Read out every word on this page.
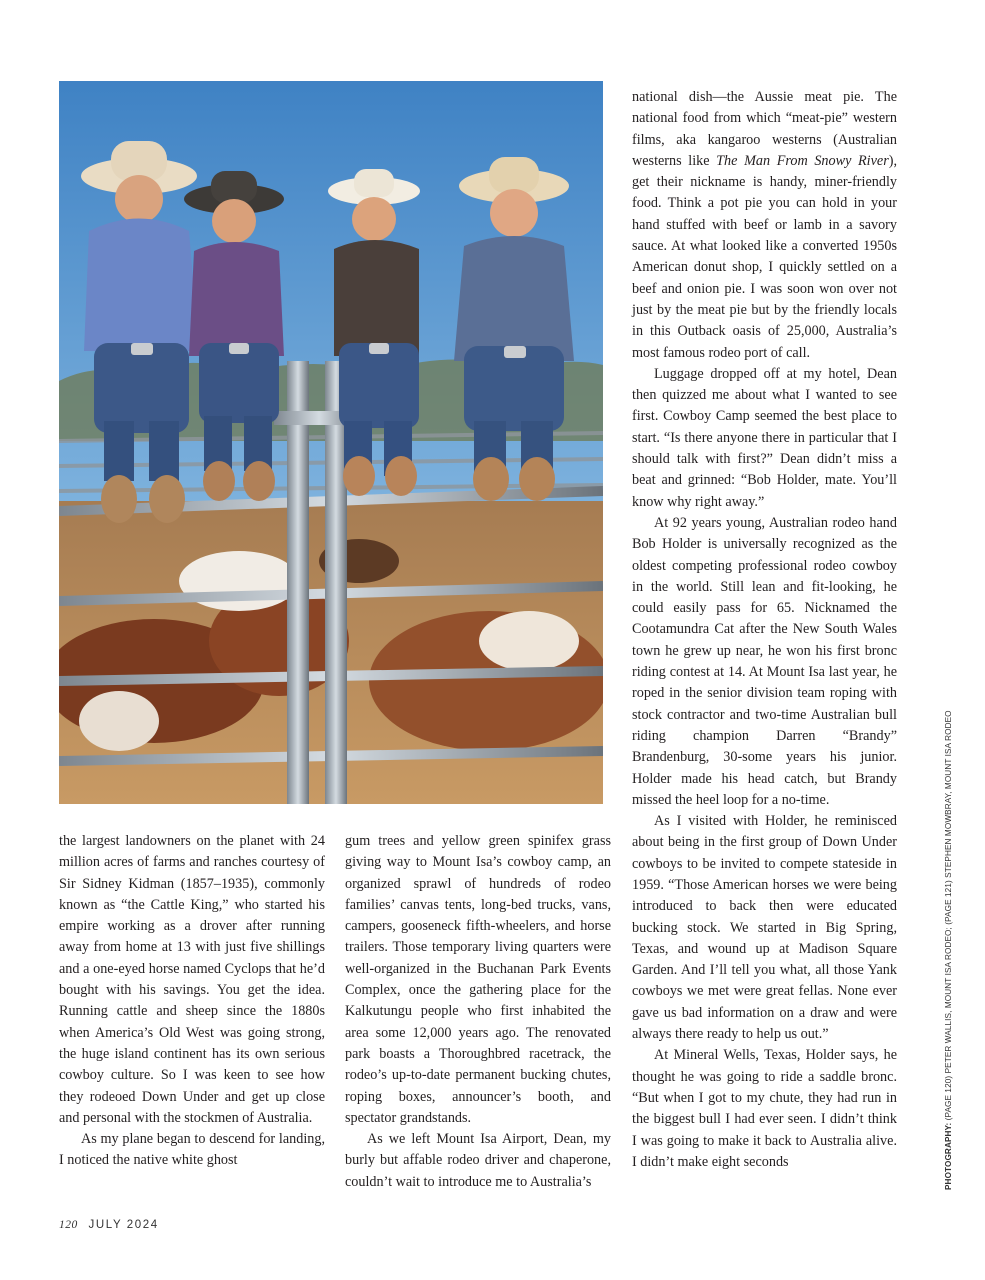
the largest landowners on the planet with 24 million acres of farms and ranches courtesy of Sir Sidney Kidman (1857–1935), commonly known as “the Cattle King,” who started his empire working as a drover after running away from home at 13 with just five shillings and a one-eyed horse named Cyclops that he’d bought with his savings. You get the idea. Running cattle and sheep since the 1880s when America’s Old West was going strong, the huge island continent has its own serious cowboy culture. So I was keen to see how they rodeoed Down Under and get up close and personal with the stockmen of Australia.

As my plane began to descend for landing, I noticed the native white ghost

gum trees and yellow green spinifex grass giving way to Mount Isa’s cowboy camp, an organized sprawl of hundreds of rodeo families’ canvas tents, long-bed trucks, vans, campers, gooseneck fifth-wheelers, and horse trailers. Those temporary living quarters were well-organized in the Buchanan Park Events Complex, once the gathering place for the Kalkutungu people who first inhabited the area some 12,000 years ago. The renovated park boasts a Thoroughbred racetrack, the rodeo’s up-to-date permanent bucking chutes, roping boxes, announcer’s booth, and spectator grandstands.

As we left Mount Isa Airport, Dean, my burly but affable rodeo driver and chaperone, couldn’t wait to introduce me to Australia’s

national dish—the Aussie meat pie. The national food from which “meat-pie” western films, aka kangaroo westerns (Australian westerns like The Man From Snowy River), get their nickname is handy, miner-friendly food. Think a pot pie you can hold in your hand stuffed with beef or lamb in a savory sauce. At what looked like a converted 1950s American donut shop, I quickly settled on a beef and onion pie. I was soon won over not just by the meat pie but by the friendly locals in this Outback oasis of 25,000, Australia’s most famous rodeo port of call.

Luggage dropped off at my hotel, Dean then quizzed me about what I wanted to see first. Cowboy Camp seemed the best place to start. “Is there anyone there in particular that I should talk with first?” Dean didn’t miss a beat and grinned: “Bob Holder, mate. You’ll know why right away.”

At 92 years young, Australian rodeo hand Bob Holder is universally recognized as the oldest competing professional rodeo cowboy in the world. Still lean and fit-looking, he could easily pass for 65. Nicknamed the Cootamundra Cat after the New South Wales town he grew up near, he won his first bronc riding contest at 14. At Mount Isa last year, he roped in the senior division team roping with stock contractor and two-time Australian bull riding champion Darren “Brandy” Brandenburg, 30-some years his junior. Holder made his head catch, but Brandy missed the heel loop for a no-time.

As I visited with Holder, he reminisced about being in the first group of Down Under cowboys to be invited to compete stateside in 1959. “Those American horses we were being introduced to back then were educated bucking stock. We started in Big Spring, Texas, and wound up at Madison Square Garden. And I’ll tell you what, all those Yank cowboys we met were great fellas. None ever gave us bad information on a draw and were always there ready to help us out.”

At Mineral Wells, Texas, Holder says, he thought he was going to ride a saddle bronc. “But when I got to my chute, they had run in the biggest bull I had ever seen. I didn’t think I was going to make it back to Australia alive. I didn’t make eight seconds

120 JULY 2024
PHOTOGRAPHY: (PAGE 120) PETER WALLIS, MOUNT ISA RODEO; (PAGE 121) STEPHEN MOWBRAY, MOUNT ISA RODEO
